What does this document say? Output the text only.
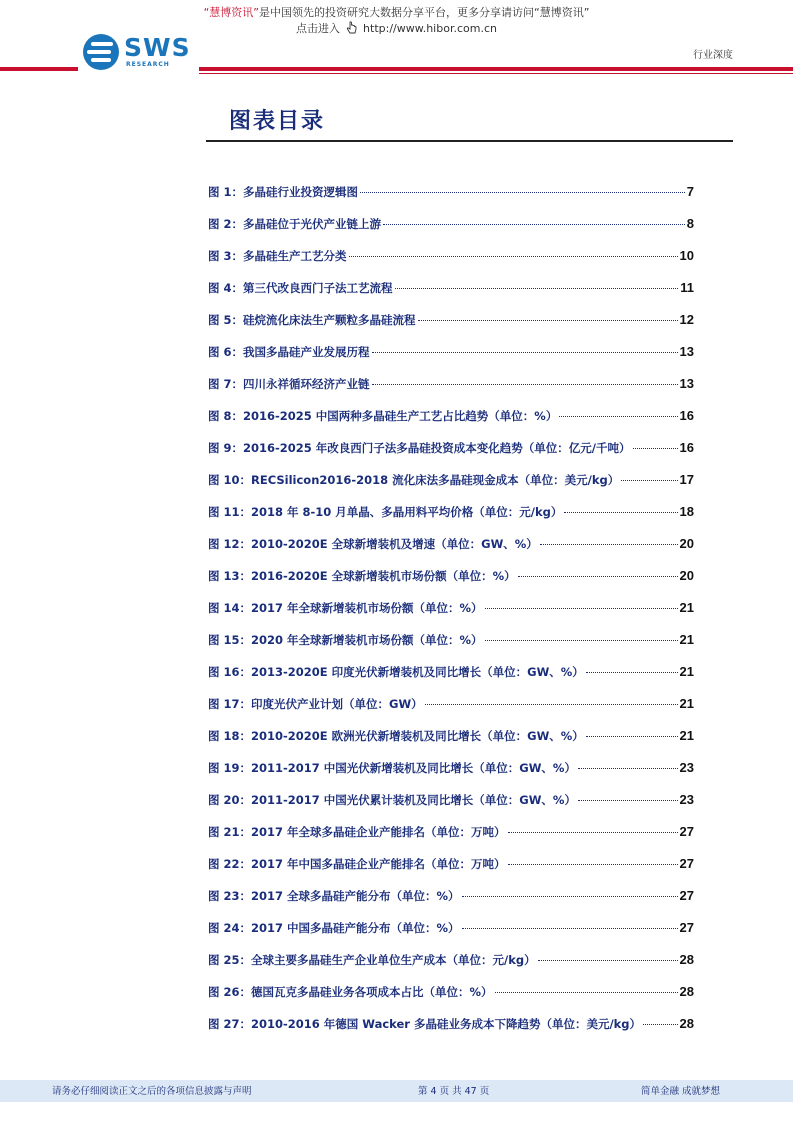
“慧博资讯”是中国领先的投资研究大数据分享平台，更多分享请访问“慧博资讯”
点击进入 http://www.hibor.com.cn
SWS
RESEARCH
行业深度
图表目录
图 1：多晶硅行业投资逻辑图	7
图 2：多晶硅位于光伏产业链上游	8
图 3：多晶硅生产工艺分类	10
图 4：第三代改良西门子法工艺流程	11
图 5：硅烷流化床法生产颗粒多晶硅流程	12
图 6：我国多晶硅产业发展历程	13
图 7：四川永祥循环经济产业链	13
图 8：2016-2025 中国两种多晶硅生产工艺占比趋势（单位：%）	16
图 9：2016-2025 年改良西门子法多晶硅投资成本变化趋势（单位：亿元/千吨）	16
图 10：RECSilicon2016-2018 流化床法多晶硅现金成本（单位：美元/kg）	17
图 11：2018 年 8-10 月单晶、多晶用料平均价格（单位：元/kg）	18
图 12：2010-2020E 全球新增装机及增速（单位：GW、%）	20
图 13：2016-2020E 全球新增装机市场份额（单位：%）	20
图 14：2017 年全球新增装机市场份额（单位：%）	21
图 15：2020 年全球新增装机市场份额（单位：%）	21
图 16：2013-2020E 印度光伏新增装机及同比增长（单位：GW、%）	21
图 17：印度光伏产业计划（单位：GW）	21
图 18：2010-2020E 欧洲光伏新增装机及同比增长（单位：GW、%）	21
图 19：2011-2017 中国光伏新增装机及同比增长（单位：GW、%）	23
图 20：2011-2017 中国光伏累计装机及同比增长（单位：GW、%）	23
图 21：2017 年全球多晶硅企业产能排名（单位：万吨）	27
图 22：2017 年中国多晶硅企业产能排名（单位：万吨）	27
图 23：2017 全球多晶硅产能分布（单位：%）	27
图 24：2017 中国多晶硅产能分布（单位：%）	27
图 25：全球主要多晶硅生产企业单位生产成本（单位：元/kg）	28
图 26：德国瓦克多晶硅业务各项成本占比（单位：%）	28
图 27：2010-2016 年德国 Wacker 多晶硅业务成本下降趋势（单位：美元/kg）	28
请务必仔细阅读正文之后的各项信息披露与声明	第 4 页 共 47 页	简单金融 成就梦想
